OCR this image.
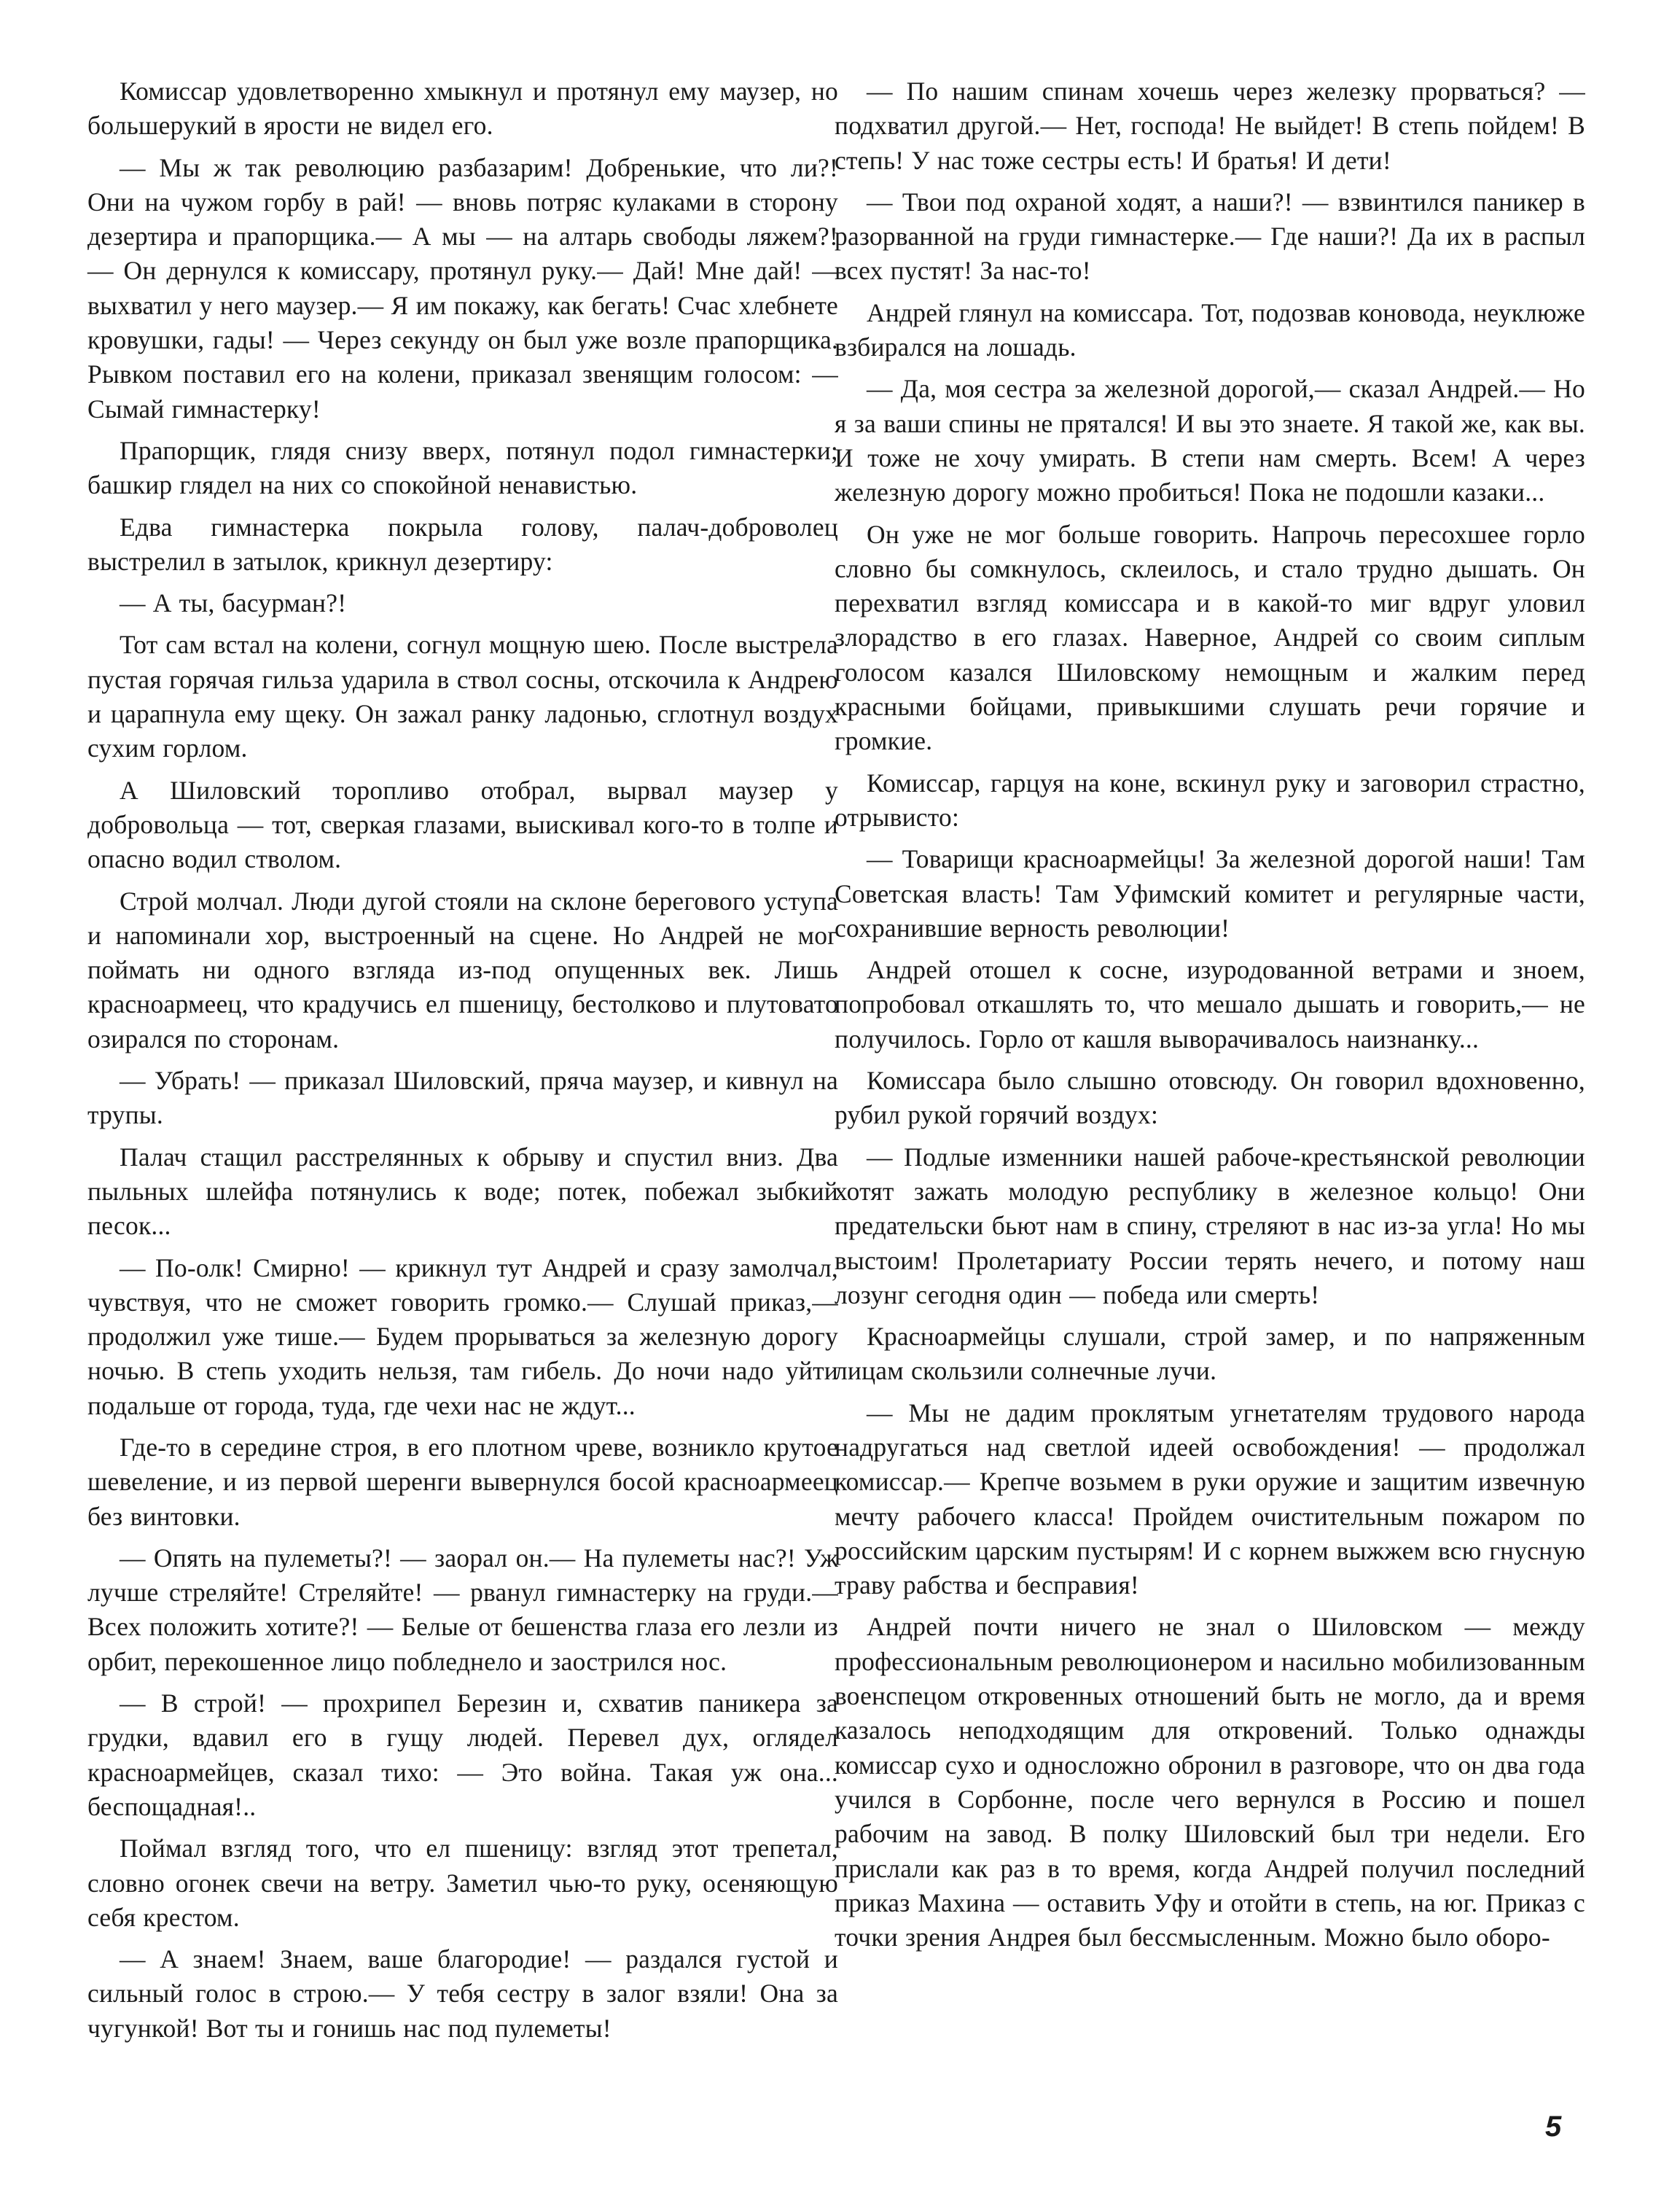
Комиссар удовлетворенно хмыкнул и протянул ему маузер, но большерукий в ярости не видел его.

— Мы ж так революцию разбазарим! Добренькие, что ли?! Они на чужом горбу в рай! — вновь потряс кулаками в сторону дезертира и прапорщика.— А мы — на алтарь свободы ляжем?! — Он дернулся к комиссару, протянул руку.— Дай! Мне дай! — выхватил у него маузер.— Я им покажу, как бегать! Счас хлебнете кровушки, гады! — Через секунду он был уже возле прапорщика. Рывком поставил его на колени, приказал звенящим голосом: — Сымай гимнастерку!

Прапорщик, глядя снизу вверх, потянул подол гимнастерки; башкир глядел на них со спокойной ненавистью.

Едва гимнастерка покрыла голову, палач-доброволец выстрелил в затылок, крикнул дезертиру:

— А ты, басурман?!

Тот сам встал на колени, согнул мощную шею. После выстрела пустая горячая гильза ударила в ствол сосны, отскочила к Андрею и царапнула ему щеку. Он зажал ранку ладонью, сглотнул воздух сухим горлом.

А Шиловский торопливо отобрал, вырвал маузер у добровольца — тот, сверкая глазами, выискивал кого-то в толпе и опасно водил стволом.

Строй молчал. Люди дугой стояли на склоне берегового уступа и напоминали хор, выстроенный на сцене. Но Андрей не мог поймать ни одного взгляда из-под опущенных век. Лишь красноармеец, что крадучись ел пшеницу, бестолково и плутовато озирался по сторонам.

— Убрать! — приказал Шиловский, пряча маузер, и кивнул на трупы.

Палач стащил расстрелянных к обрыву и спустил вниз. Два пыльных шлейфа потянулись к воде; потек, побежал зыбкий песок...

— По-олк! Смирно! — крикнул тут Андрей и сразу замолчал, чувствуя, что не сможет говорить громко.— Слушай приказ,— продолжил уже тише.— Будем прорываться за железную дорогу ночью. В степь уходить нельзя, там гибель. До ночи надо уйти подальше от города, туда, где чехи нас не ждут...

Где-то в середине строя, в его плотном чреве, возникло крутое шевеление, и из первой шеренги вывернулся босой красноармеец без винтовки.

— Опять на пулеметы?! — заорал он.— На пулеметы нас?! Уж лучше стреляйте! Стреляйте! — рванул гимнастерку на груди.— Всех положить хотите?! — Белые от бешенства глаза его лезли из орбит, перекошенное лицо побледнело и заострился нос.

— В строй! — прохрипел Березин и, схватив паникера за грудки, вдавил его в гущу людей. Перевел дух, оглядел красноармейцев, сказал тихо: — Это война. Такая уж она... беспощадная!..

Поймал взгляд того, что ел пшеницу: взгляд этот трепетал, словно огонек свечи на ветру. Заметил чью-то руку, осеняющую себя крестом.

— А знаем! Знаем, ваше благородие! — раздался густой и сильный голос в строю.— У тебя сестру в залог взяли! Она за чугункой! Вот ты и гонишь нас под пулеметы!

— По нашим спинам хочешь через железку прорваться? — подхватил другой.— Нет, господа! Не выйдет! В степь пойдем! В степь! У нас тоже сестры есть! И братья! И дети!

— Твои под охраной ходят, а наши?! — взвинтился паникер в разорванной на груди гимнастерке.— Где наши?! Да их в распыл всех пустят! За нас-то!

Андрей глянул на комиссара. Тот, подозвав коновода, неуклюже взбирался на лошадь.

— Да, моя сестра за железной дорогой,— сказал Андрей.— Но я за ваши спины не прятался! И вы это знаете. Я такой же, как вы. И тоже не хочу умирать. В степи нам смерть. Всем! А через железную дорогу можно пробиться! Пока не подошли казаки...

Он уже не мог больше говорить. Напрочь пересохшее горло словно бы сомкнулось, склеилось, и стало трудно дышать. Он перехватил взгляд комиссара и в какой-то миг вдруг уловил злорадство в его глазах. Наверное, Андрей со своим сиплым голосом казался Шиловскому немощным и жалким перед красными бойцами, привыкшими слушать речи горячие и громкие.

Комиссар, гарцуя на коне, вскинул руку и заговорил страстно, отрывисто:

— Товарищи красноармейцы! За железной дорогой наши! Там Советская власть! Там Уфимский комитет и регулярные части, сохранившие верность революции!

Андрей отошел к сосне, изуродованной ветрами и зноем, попробовал откашлять то, что мешало дышать и говорить,— не получилось. Горло от кашля выворачивалось наизнанку...

Комиссара было слышно отовсюду. Он говорил вдохновенно, рубил рукой горячий воздух:

— Подлые изменники нашей рабоче-крестьянской революции хотят зажать молодую республику в железное кольцо! Они предательски бьют нам в спину, стреляют в нас из-за угла! Но мы выстоим! Пролетариату России терять нечего, и потому наш лозунг сегодня один — победа или смерть!

Красноармейцы слушали, строй замер, и по напряженным лицам скользили солнечные лучи.

— Мы не дадим проклятым угнетателям трудового народа надругаться над светлой идеей освобождения! — продолжал комиссар.— Крепче возьмем в руки оружие и защитим извечную мечту рабочего класса! Пройдем очистительным пожаром по российским царским пустырям! И с корнем выжжем всю гнусную траву рабства и бесправия!

Андрей почти ничего не знал о Шиловском — между профессиональным революционером и насильно мобилизованным военспецом откровенных отношений быть не могло, да и время казалось неподходящим для откровений. Только однажды комиссар сухо и односложно обронил в разговоре, что он два года учился в Сорбонне, после чего вернулся в Россию и пошел рабочим на завод. В полку Шиловский был три недели. Его прислали как раз в то время, когда Андрей получил последний приказ Махина — оставить Уфу и отойти в степь, на юг. Приказ с точки зрения Андрея был бессмысленным. Можно было оборо-

5
